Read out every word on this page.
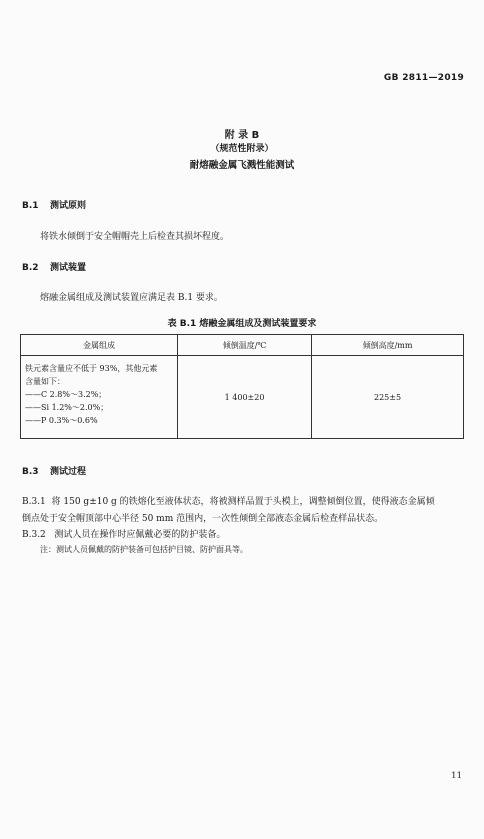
GB 2811—2019
附 录 B
（规范性附录）
耐熔融金属飞溅性能测试
B.1 测试原则
将铁水倾倒于安全帽帽壳上后检查其损坏程度。
B.2 测试装置
熔融金属组成及测试装置应满足表 B.1 要求。
表 B.1 熔融金属组成及测试装置要求
金属组成	倾倒温度/℃	倾倒高度/mm

铁元素含量应不低于 93%，其他元素
含量如下：
——C 2.8%～3.2%；
——Si 1.2%～2.0%；
——P 0.3%～0.6%	1 400±20	225±5
B.3 测试过程
B.3.1 将 150 g±10 g 的铁熔化至液体状态，将被测样品置于头模上，调整倾倒位置，使得液态金属倾
倒点处于安全帽顶部中心半径 50 mm 范围内，一次性倾倒全部液态金属后检查样品状态。
B.3.2 测试人员在操作时应佩戴必要的防护装备。
注：测试人员佩戴的防护装备可包括护目镜、防护面具等。
11
